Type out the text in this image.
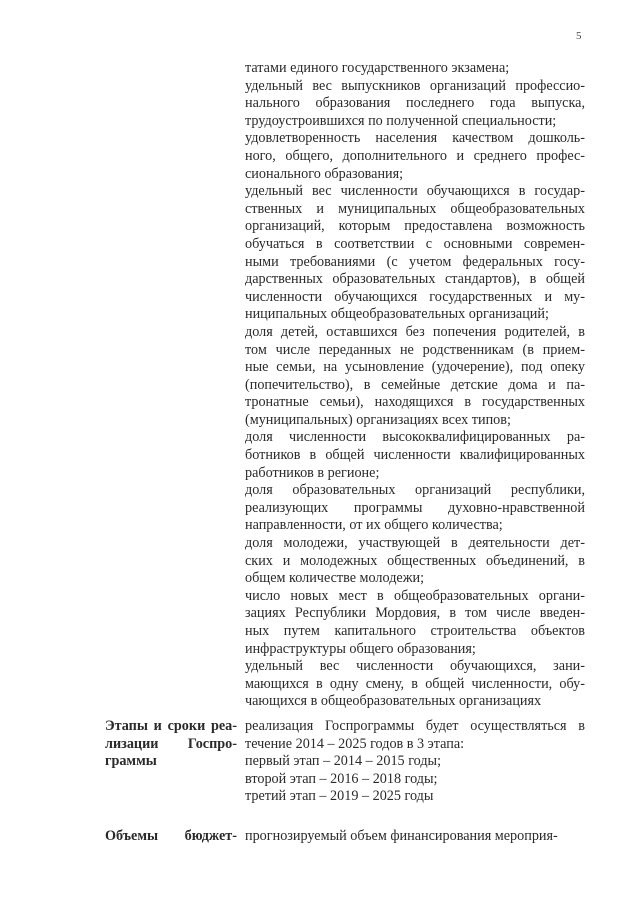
5
татами единого государственного экзамена;
удельный вес выпускников организаций профессио-
нального образования последнего года выпуска,
трудоустроившихся по полученной специальности;
удовлетворенность населения качеством дошколь-
ного, общего, дополнительного и среднего профес-
сионального образования;
удельный вес численности обучающихся в государ-
ственных и муниципальных общеобразовательных
организаций, которым предоставлена возможность
обучаться в соответствии с основными современ-
ными требованиями (с учетом федеральных госу-
дарственных образовательных стандартов), в общей
численности обучающихся государственных и му-
ниципальных общеобразовательных организаций;
доля детей, оставшихся без попечения родителей, в
том числе переданных не родственникам (в прием-
ные семьи, на усыновление (удочерение), под опеку
(попечительство), в семейные детские дома и па-
тронатные семьи), находящихся в государственных
(муниципальных) организациях всех типов;
доля численности высококвалифицированных ра-
ботников в общей численности квалифицированных
работников в регионе;
доля образовательных организаций республики,
реализующих программы духовно-нравственной
направленности, от их общего количества;
доля молодежи, участвующей в деятельности дет-
ских и молодежных общественных объединений, в
общем количестве молодежи;
число новых мест в общеобразовательных органи-
зациях Республики Мордовия, в том числе введен-
ных путем капитального строительства объектов
инфраструктуры общего образования;
удельный вес численности обучающихся, зани-
мающихся в одну смену, в общей численности, обу-
чающихся в общеобразовательных организациях
Этапы и сроки реа-
лизации Госпро-
граммы
реализация Госпрограммы будет осуществляться в
течение 2014 – 2025 годов в 3 этапа:
первый этап – 2014 – 2015 годы;
второй этап – 2016 – 2018 годы;
третий этап – 2019 – 2025 годы
Объемы бюджет- прогнозируемый объем финансирования мероприя-
